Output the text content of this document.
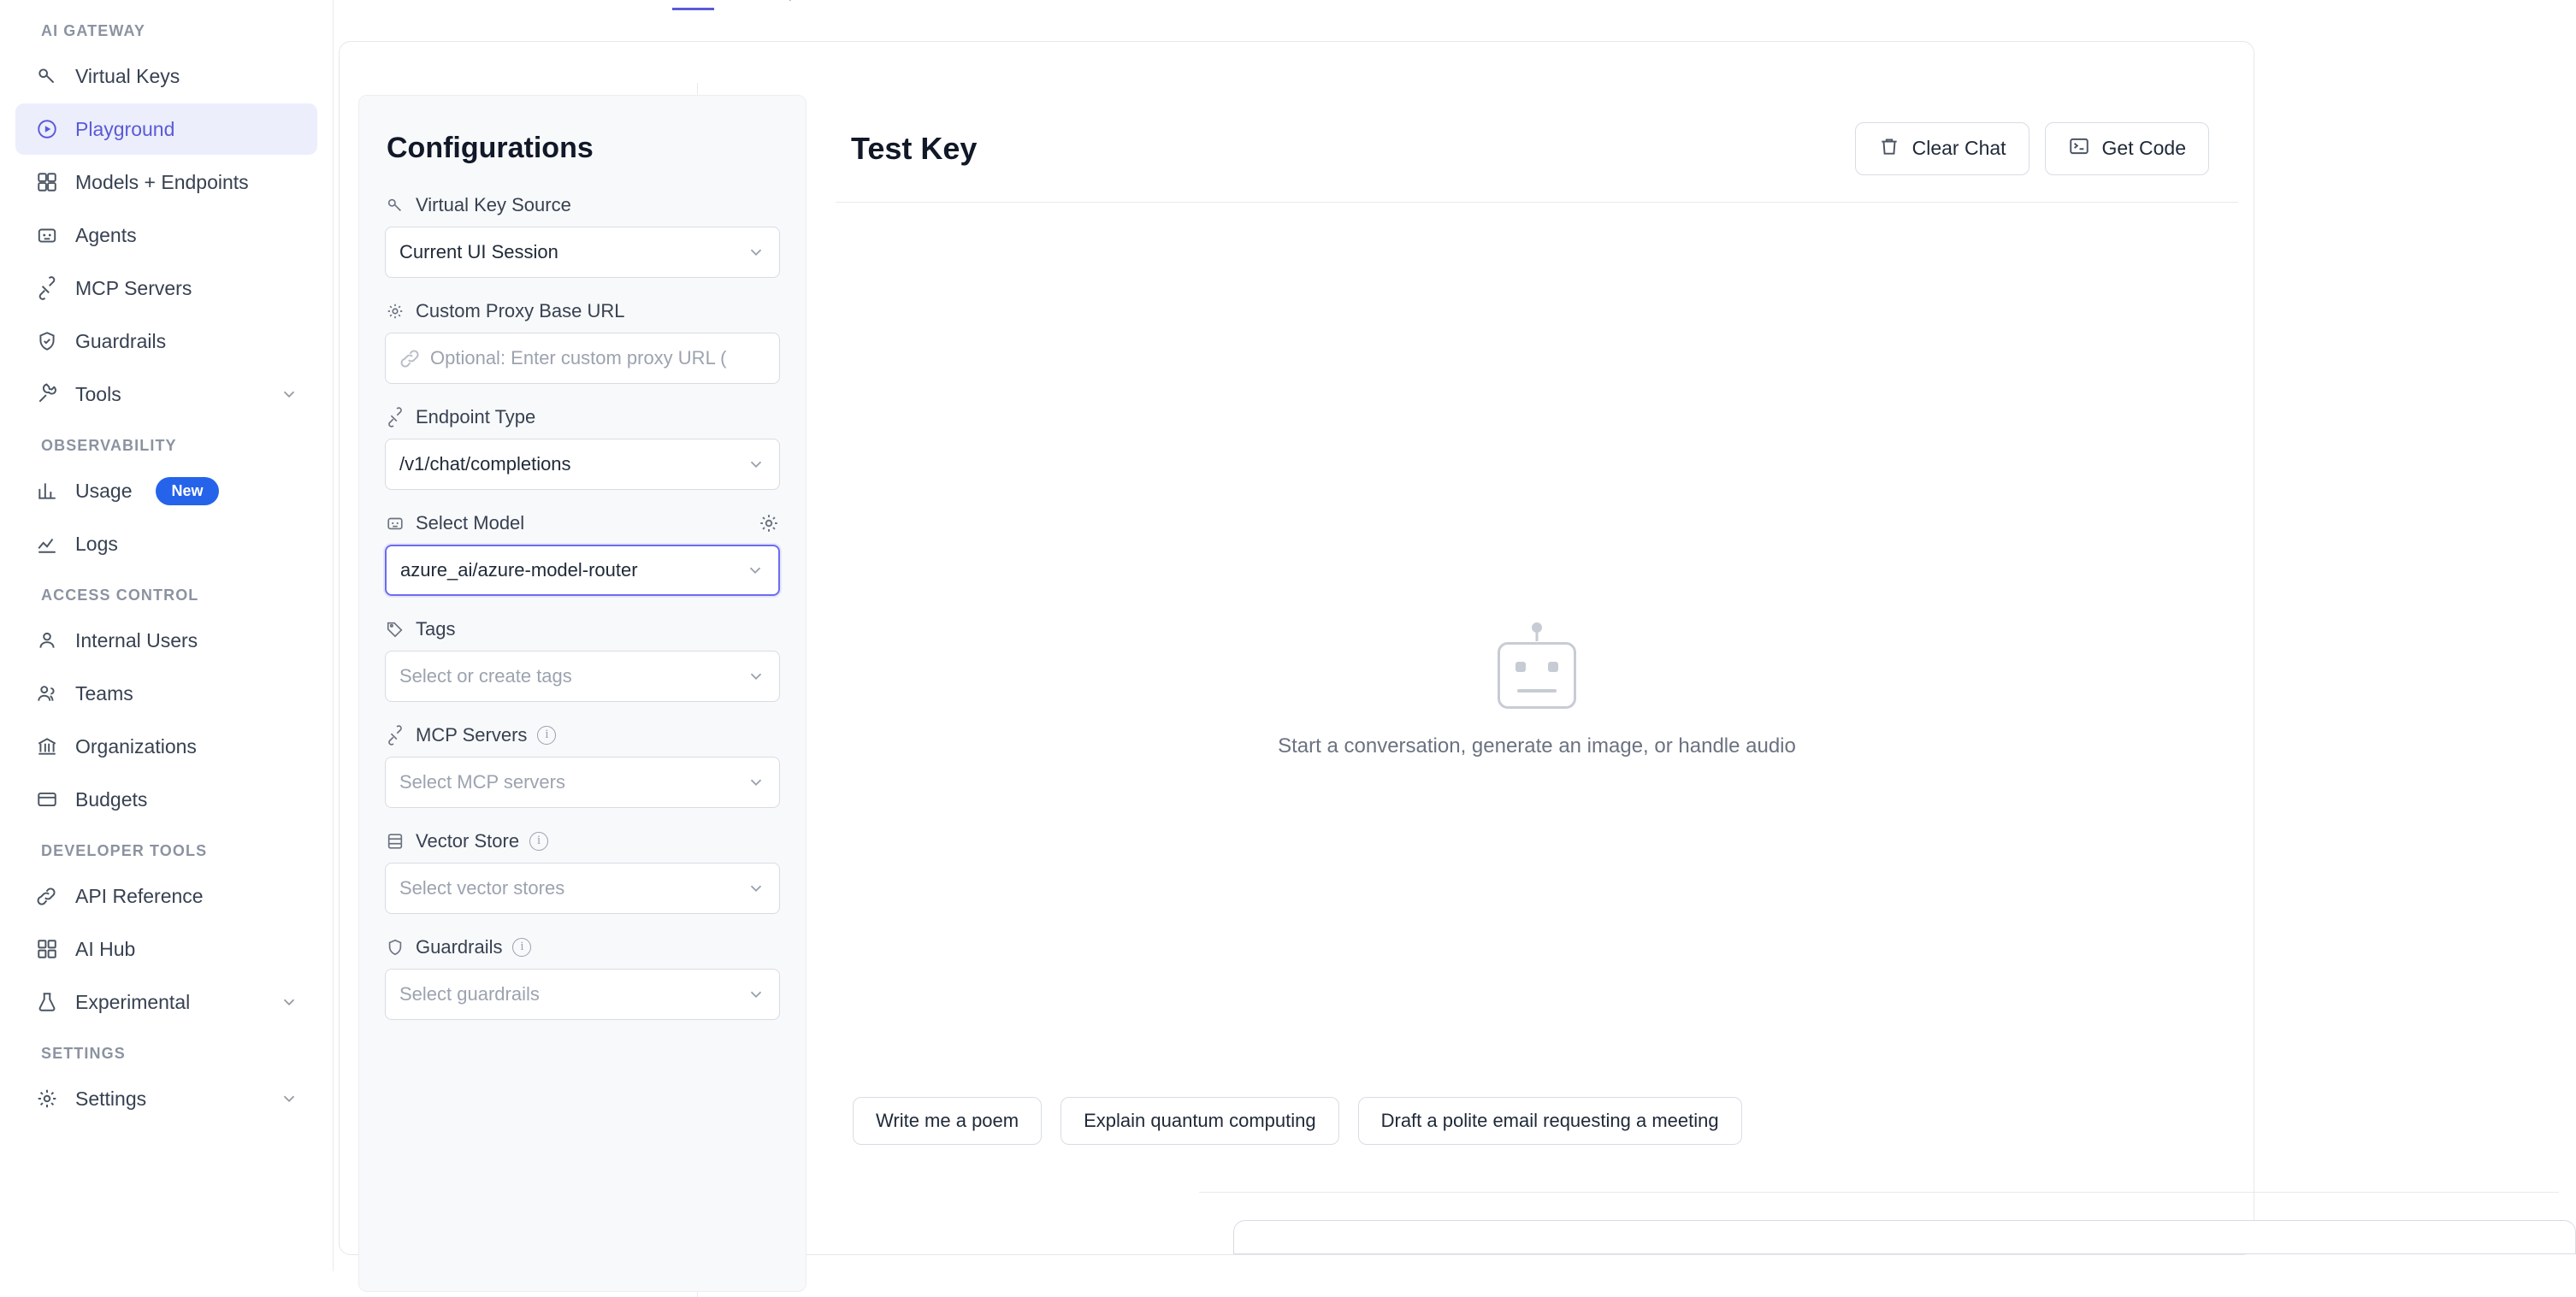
AI GATEWAY
Virtual Keys
Playground
Models + Endpoints
Agents
MCP Servers
Guardrails
Tools
OBSERVABILITY
Usage	New
Logs
ACCESS CONTROL
Internal Users
Teams
Organizations
Budgets
DEVELOPER TOOLS
API Reference
AI Hub
Experimental
SETTINGS
Settings
Configurations
Virtual Key Source
Current UI Session
Custom Proxy Base URL
Optional: Enter custom proxy URL (
Endpoint Type
/v1/chat/completions
Select Model
azure_ai/azure-model-router
Tags
Select or create tags
MCP Servers	i
Select MCP servers
Vector Store	i
Select vector stores
Guardrails	i
Select guardrails
Test Key	Clear Chat	Get Code
Start a conversation, generate an image, or handle audio
Write me a poem	Explain quantum computing	Draft a polite email requesting a meeting
